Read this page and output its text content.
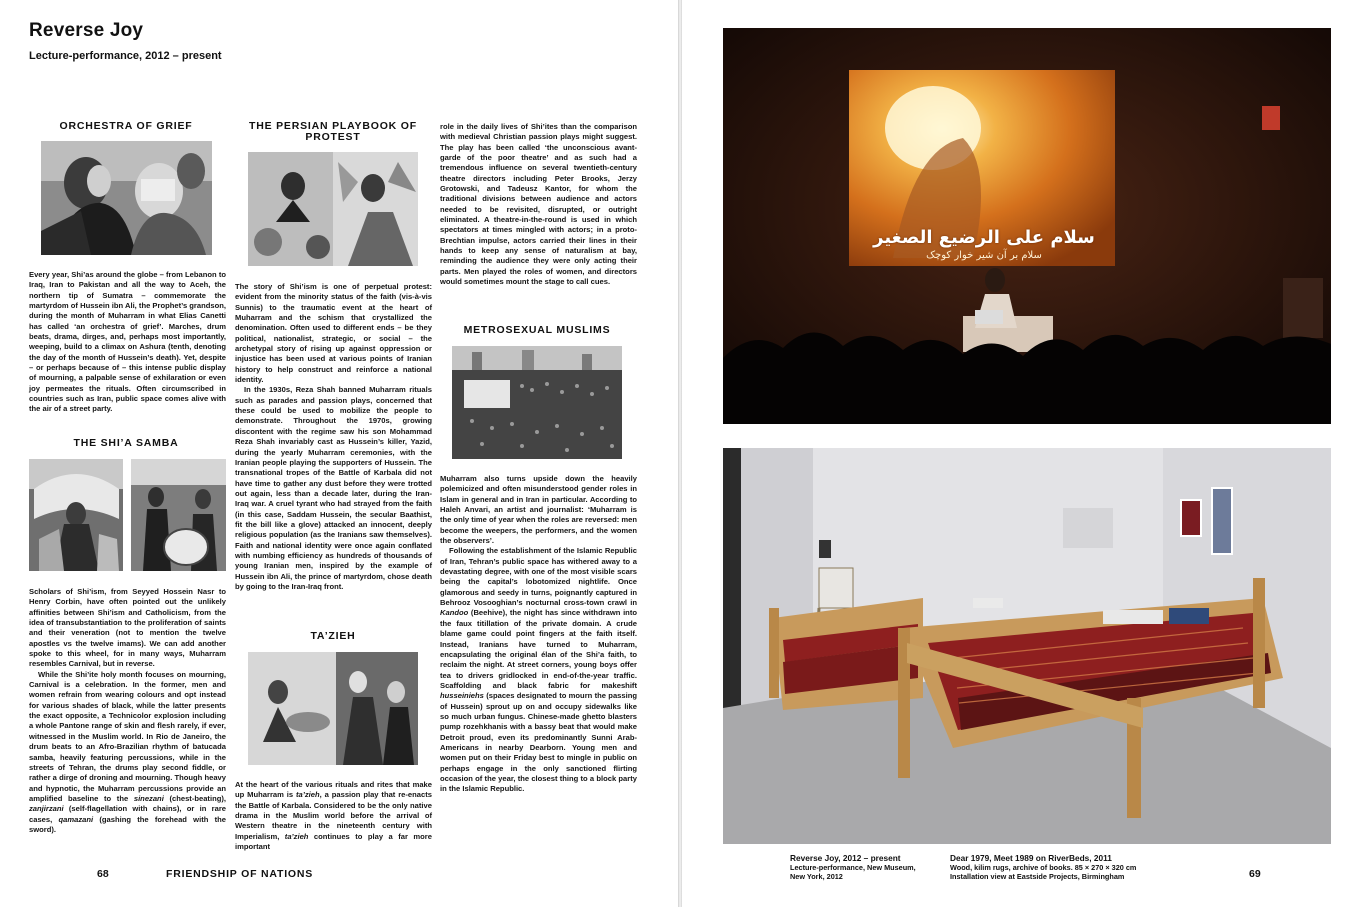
Reverse Joy
Lecture-performance, 2012 – present
ORCHESTRA OF GRIEF

Every year, Shi’as around the globe – from Lebanon to Iraq, Iran to Pakistan and all the way to Aceh, the northern tip of Sumatra – commemorate the martyrdom of Hussein ibn Ali, the Prophet’s grandson, during the month of Muharram in what Elias Canetti has called ‘an orchestra of grief’. Marches, drum beats, drama, dirges, and, perhaps most importantly, weeping, build to a climax on Ashura (tenth, denoting the day of the month of Hussein’s death). Yet, despite – or perhaps because of – this intense public display of mourning, a palpable sense of exhilaration or even joy permeates the rituals. Often circumscribed in countries such as Iran, public space comes alive with the air of a street party.

THE SHI’A SAMBA

Scholars of Shi’ism, from Seyyed Hossein Nasr to Henry Corbin, have often pointed out the unlikely affinities between Shi’ism and Catholicism, from the idea of transubstantiation to the proliferation of saints and their veneration (not to mention the twelve apostles vs the twelve imams). We can add another spoke to this wheel, for in many ways, Muharram resembles Carnival, but in reverse.

While the Shi’ite holy month focuses on mourning, Carnival is a celebration. In the former, men and women refrain from wearing colours and opt instead for various shades of black, while the latter presents the exact opposite, a Technicolor explosion including a whole Pantone range of skin and flesh rarely, if ever, witnessed in the Muslim world. In Rio de Janeiro, the drum beats to an Afro-Brazilian rhythm of batucada samba, heavily featuring percussions, while in the streets of Tehran, the drums play second fiddle, or rather a dirge of droning and mourning. Though heavy and hypnotic, the Muharram percussions provide an amplified baseline to the sinezani (chest-beating), zanjirzani (self-flagellation with chains), or in rare cases, qamazani (gashing the forehead with the sword).

THE PERSIAN PLAYBOOK OF PROTEST

The story of Shi’ism is one of perpetual protest: evident from the minority status of the faith (vis-à-vis Sunnis) to the traumatic event at the heart of Muharram and the schism that crystallized the denomination. Often used to different ends – be they political, nationalist, strategic, or social – the archetypal story of rising up against oppression or injustice has been used at various points of Iranian history to help construct and reinforce a national identity.

In the 1930s, Reza Shah banned Muharram rituals such as parades and passion plays, concerned that these could be used to mobilize the people to demonstrate. Throughout the 1970s, growing discontent with the regime saw his son Mohammad Reza Shah invariably cast as Hussein’s killer, Yazid, during the yearly Muharram ceremonies, with the Iranian people playing the supporters of Hussein. The transnational tropes of the Battle of Karbala did not have time to gather any dust before they were trotted out again, less than a decade later, during the Iran-Iraq war. A cruel tyrant who had strayed from the faith (in this case, Saddam Hussein, the secular Baathist, fit the bill like a glove) attacked an innocent, deeply religious population (as the Iranians saw themselves). Faith and national identity were once again conflated with numbing efficiency as hundreds of thousands of young Iranian men, inspired by the example of Hussein ibn Ali, the prince of martyrdom, chose death by going to the Iran-Iraq front.

TA’ZIEH

At the heart of the various rituals and rites that make up Muharram is ta’zieh, a passion play that re-enacts the Battle of Karbala. Considered to be the only native drama in the Muslim world before the arrival of Western theatre in the nineteenth century with Imperialism, ta’zieh continues to play a far more important

role in the daily lives of Shi’ites than the comparison with medieval Christian passion plays might suggest. The play has been called ‘the unconscious avant-garde of the poor theatre’ and as such had a tremendous influence on several twentieth-century theatre directors including Peter Brooks, Jerzy Grotowski, and Tadeusz Kantor, for whom the traditional divisions between audience and actors needed to be revisited, disrupted, or outright eliminated. A theatre-in-the-round is used in which spectators at times mingled with actors; in a proto-Brechtian impulse, actors carried their lines in their hands to keep any sense of naturalism at bay, reminding the audience they were only acting their parts. Men played the roles of women, and directors would sometimes mount the stage to call cues.

METROSEXUAL MUSLIMS

Muharram also turns upside down the heavily polemicized and often misunderstood gender roles in Islam in general and in Iran in particular. According to Haleh Anvari, an artist and journalist: ‘Muharram is the only time of year when the roles are reversed: men become the weepers, the performers, and the women the observers’.

Following the establishment of the Islamic Republic of Iran, Tehran’s public space has withered away to a devastating degree, with one of the most visible scars being the capital’s lobotomized nightlife. Once glamorous and seedy in turns, poignantly captured in Behrooz Vosooghian’s nocturnal cross-town crawl in Kandoo (Beehive), the night has since withdrawn into the faux titillation of the private domain. A crude blame game could point fingers at the faith itself. Instead, Iranians have turned to Muharram, encapsulating the original élan of the Shi’a faith, to reclaim the night. At street corners, young boys offer tea to drivers gridlocked in end-of-the-year traffic. Scaffolding and black fabric for makeshift husseiniehs (spaces designated to mourn the passing of Hussein) sprout up on and occupy sidewalks like so much urban fungus. Chinese-made ghetto blasters pump rozehkhanis with a bassy beat that would make Detroit proud, even its predominantly Sunni Arab-Americans in nearby Dearborn. Young men and women put on their Friday best to mingle in public on perhaps engage in the only sanctioned flirting occasion of the year, the closest thing to a block party in the Islamic Republic.

68	FRIENDSHIP OF NATIONS
سلام علی الرضیع الصغیر
سلام بر آن شیر خوار کوچک
Reverse Joy, 2012 – present
Lecture-performance, New Museum,
New York, 2012
Dear 1979, Meet 1989 on RiverBeds, 2011
Wood, kilim rugs, archive of books. 85 × 270 × 320 cm
Installation view at Eastside Projects, Birmingham	69
